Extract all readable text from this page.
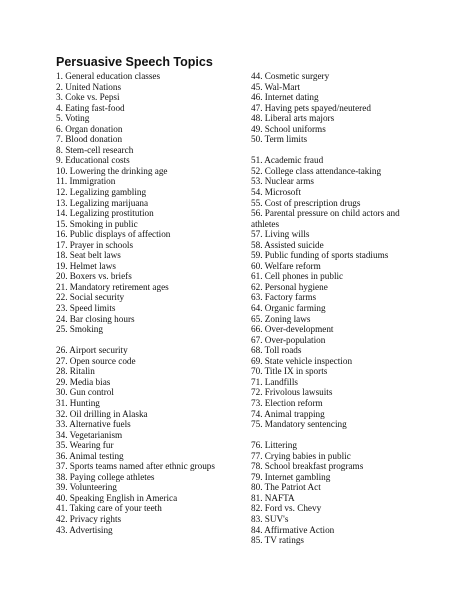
Persuasive Speech Topics
1. General education classes
2. United Nations
3. Coke vs. Pepsi
4. Eating fast-food
5. Voting
6. Organ donation
7. Blood donation
8. Stem-cell research
9. Educational costs
10. Lowering the drinking age
11. Immigration
12. Legalizing gambling
13. Legalizing marijuana
14. Legalizing prostitution
15. Smoking in public
16. Public displays of affection
17. Prayer in schools
18. Seat belt laws
19. Helmet laws
20. Boxers vs. briefs
21. Mandatory retirement ages
22. Social security
23. Speed limits
24. Bar closing hours
25. Smoking
26. Airport security
27. Open source code
28. Ritalin
29. Media bias
30. Gun control
31. Hunting
32. Oil drilling in Alaska
33. Alternative fuels
34. Vegetarianism
35. Wearing fur
36. Animal testing
37. Sports teams named after ethnic groups
38. Paying college athletes
39. Volunteering
40. Speaking English in America
41. Taking care of your teeth
42. Privacy rights
43. Advertising
44. Cosmetic surgery
45. Wal-Mart
46. Internet dating
47. Having pets spayed/neutered
48. Liberal arts majors
49. School uniforms
50. Term limits
51. Academic fraud
52. College class attendance-taking
53. Nuclear arms
54. Microsoft
55. Cost of prescription drugs
56. Parental pressure on child actors and athletes
57. Living wills
58. Assisted suicide
59. Public funding of sports stadiums
60. Welfare reform
61. Cell phones in public
62. Personal hygiene
63. Factory farms
64. Organic farming
65. Zoning laws
66. Over-development
67. Over-population
68. Toll roads
69. State vehicle inspection
70. Title IX in sports
71. Landfills
72. Frivolous lawsuits
73. Election reform
74. Animal trapping
75. Mandatory sentencing
76. Littering
77. Crying babies in public
78. School breakfast programs
79. Internet gambling
80. The Patriot Act
81. NAFTA
82. Ford vs. Chevy
83. SUV's
84. Affirmative Action
85. TV ratings
